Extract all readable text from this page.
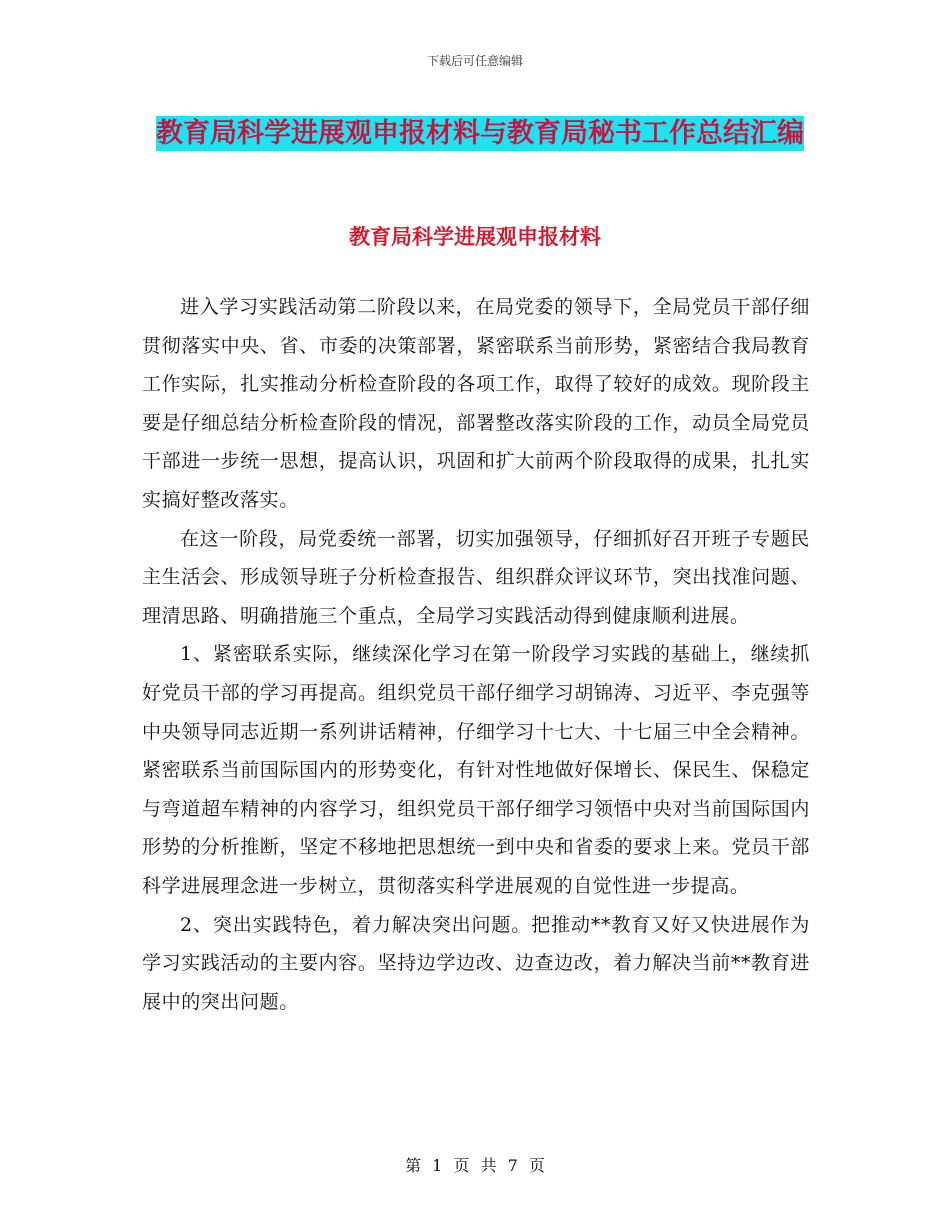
下载后可任意编辑
教育局科学进展观申报材料与教育局秘书工作总结汇编
教育局科学进展观申报材料

进入学习实践活动第二阶段以来，在局党委的领导下，全局党员干部仔细贯彻落实中央、省、市委的决策部署，紧密联系当前形势，紧密结合我局教育工作实际，扎实推动分析检查阶段的各项工作，取得了较好的成效。现阶段主要是仔细总结分析检查阶段的情况，部署整改落实阶段的工作，动员全局党员干部进一步统一思想，提高认识，巩固和扩大前两个阶段取得的成果，扎扎实实搞好整改落实。

在这一阶段，局党委统一部署，切实加强领导，仔细抓好召开班子专题民主生活会、形成领导班子分析检查报告、组织群众评议环节，突出找准问题、理清思路、明确措施三个重点，全局学习实践活动得到健康顺利进展。

1、紧密联系实际，继续深化学习在第一阶段学习实践的基础上，继续抓好党员干部的学习再提高。组织党员干部仔细学习胡锦涛、习近平、李克强等中央领导同志近期一系列讲话精神，仔细学习十七大、十七届三中全会精神。紧密联系当前国际国内的形势变化，有针对性地做好保增长、保民生、保稳定与弯道超车精神的内容学习，组织党员干部仔细学习领悟中央对当前国际国内形势的分析推断，坚定不移地把思想统一到中央和省委的要求上来。党员干部科学进展理念进一步树立，贯彻落实科学进展观的自觉性进一步提高。

2、突出实践特色，着力解决突出问题。把推动**教育又好又快进展作为学习实践活动的主要内容。坚持边学边改、边查边改，着力解决当前**教育进展中的突出问题。

第 1 页 共 7 页
